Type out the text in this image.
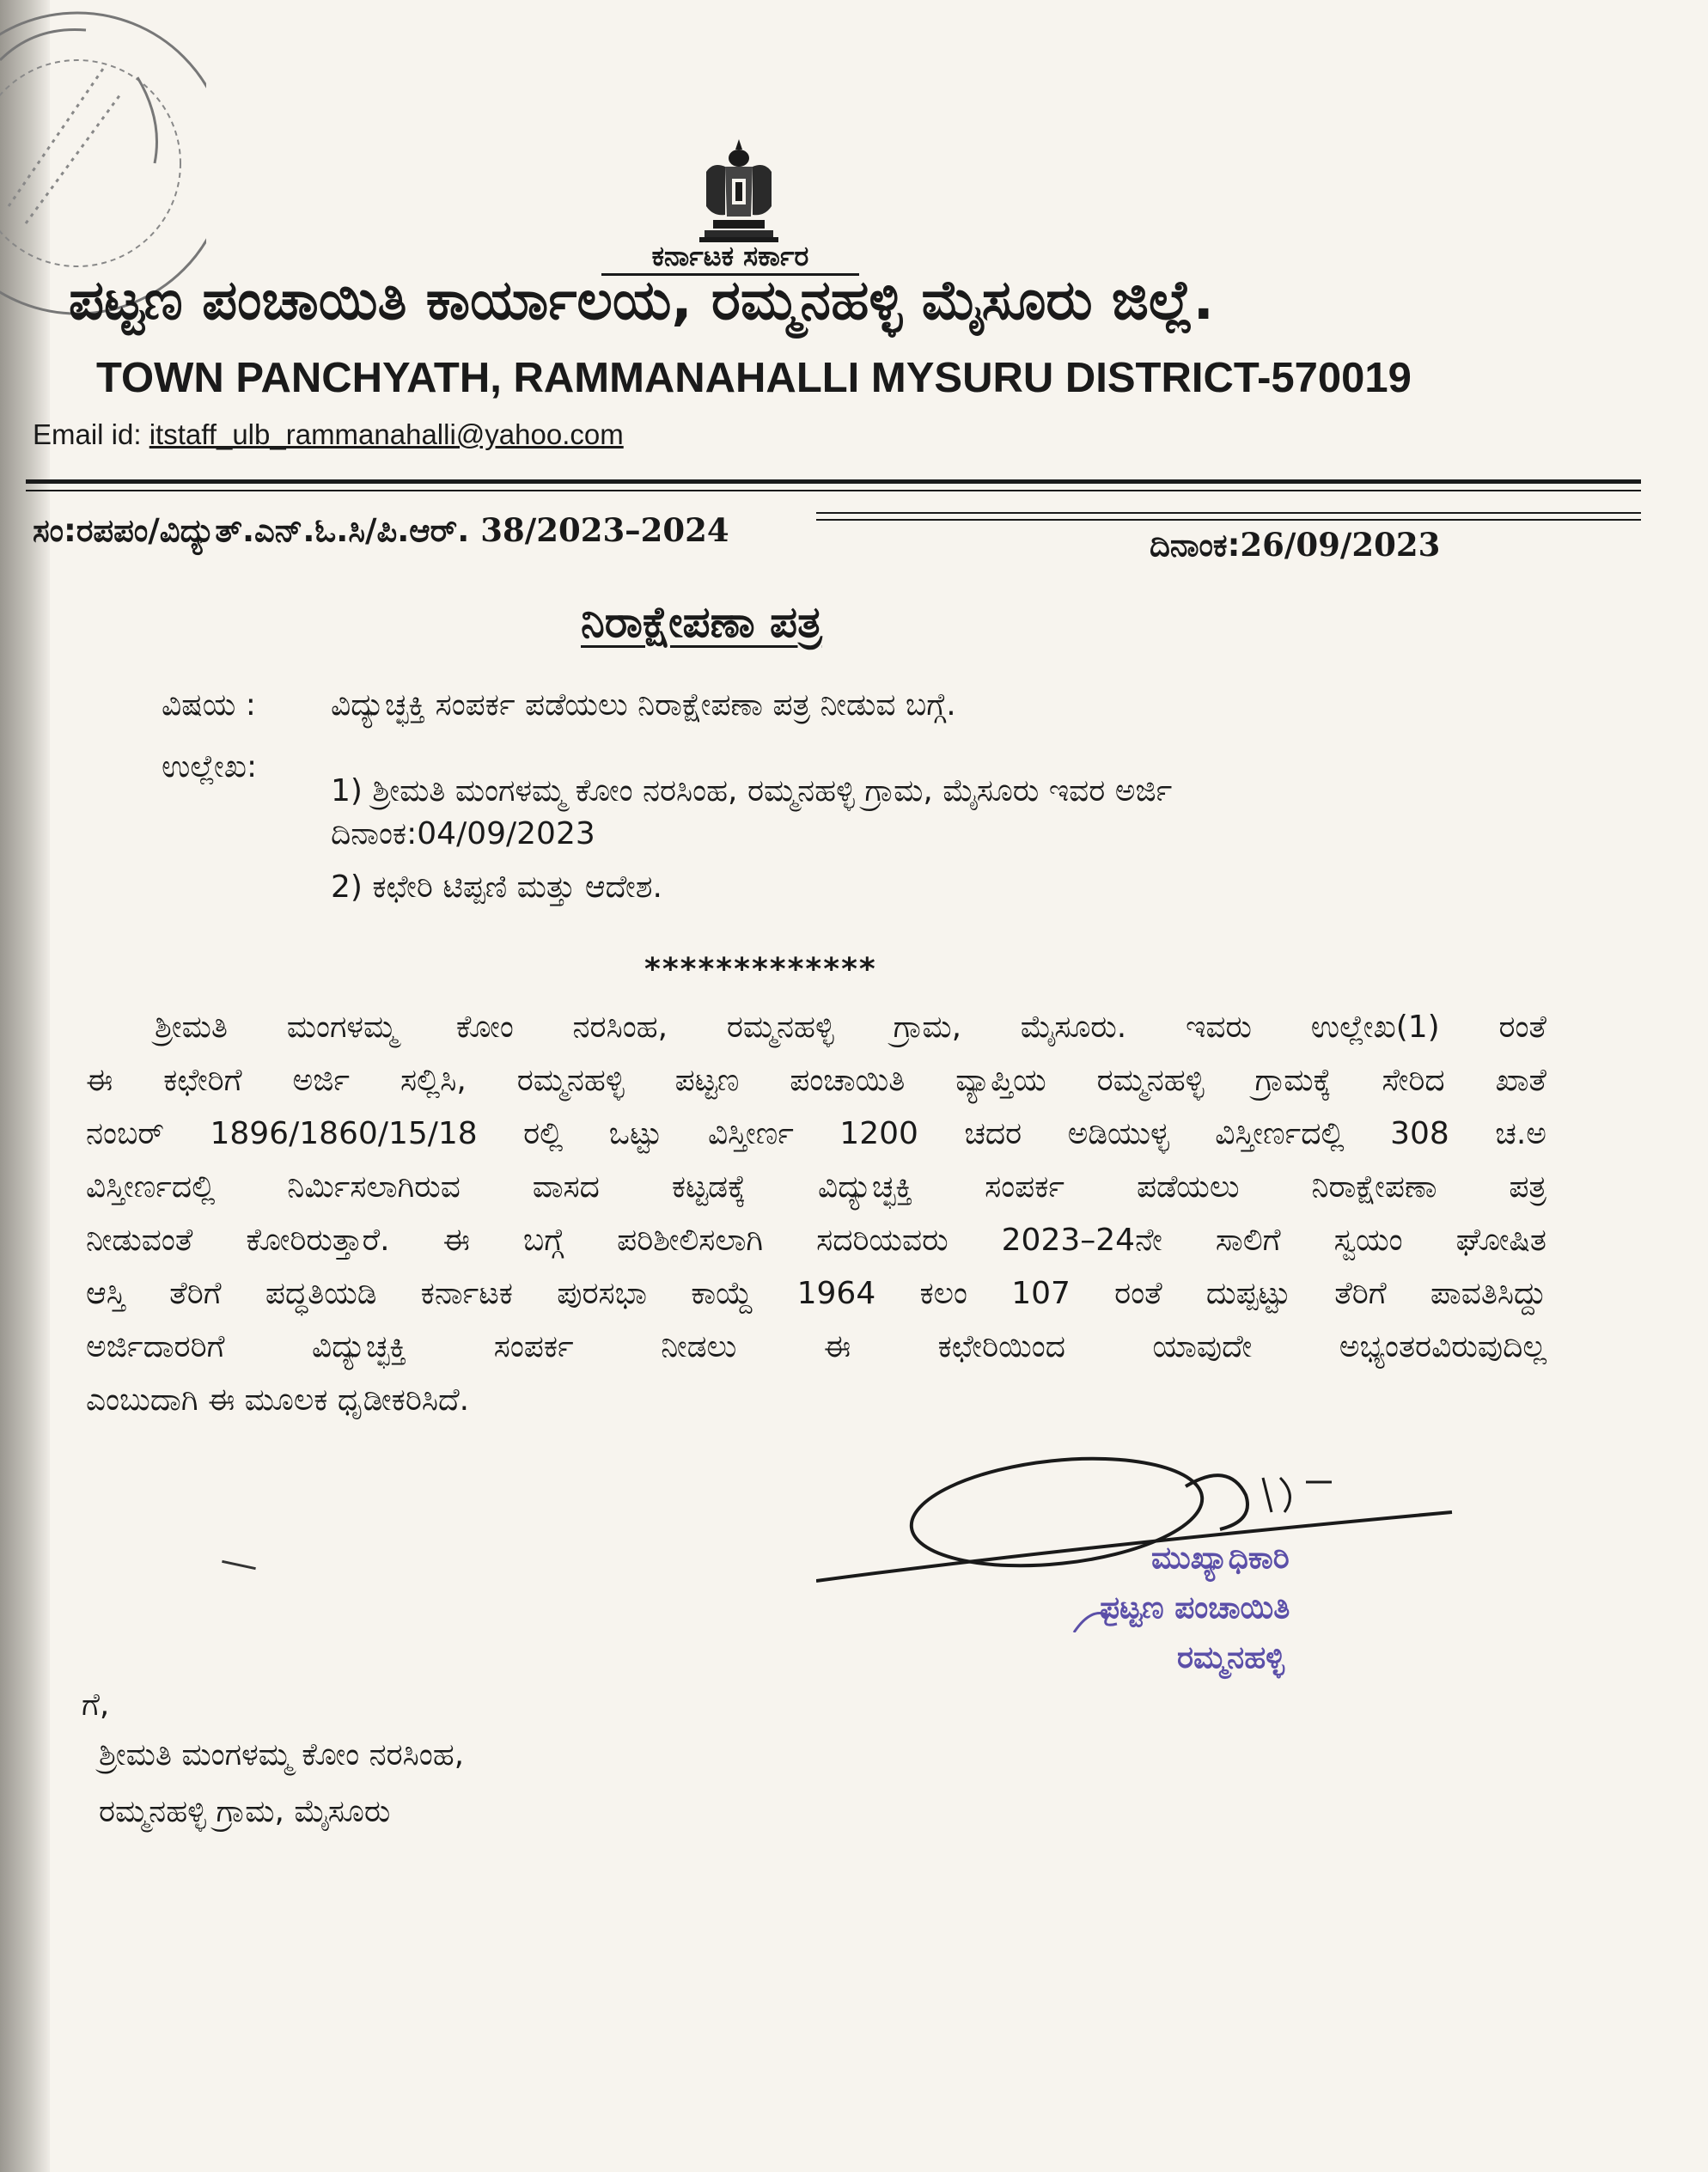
ಕರ್ನಾಟಕ ಸರ್ಕಾರ
ಪಟ್ಟಣ ಪಂಚಾಯಿತಿ ಕಾರ್ಯಾಲಯ, ರಮ್ಮನಹಳ್ಳಿ ಮೈಸೂರು ಜಿಲ್ಲೆ.
TOWN PANCHYATH, RAMMANAHALLI MYSURU DISTRICT-570019
Email id: itstaff_ulb_rammanahalli@yahoo.com
ಸಂ:ರಪಪಂ/ವಿದ್ಯುತ್.ಎನ್.ಓ.ಸಿ/ಪಿ.ಆರ್. 38/2023–2024	ದಿನಾಂಕ:26/09/2023
ನಿರಾಕ್ಷೇಪಣಾ ಪತ್ರ
ವಿಷಯ : ವಿದ್ಯುಚ್ಛಕ್ತಿ ಸಂಪರ್ಕ ಪಡೆಯಲು ನಿರಾಕ್ಷೇಪಣಾ ಪತ್ರ ನೀಡುವ ಬಗ್ಗೆ.
ಉಲ್ಲೇಖ:
1) ಶ್ರೀಮತಿ ಮಂಗಳಮ್ಮ ಕೋಂ ನರಸಿಂಹ, ರಮ್ಮನಹಳ್ಳಿ ಗ್ರಾಮ, ಮೈಸೂರು ಇವರ ಅರ್ಜಿ
ದಿನಾಂಕ:04/09/2023
2) ಕಛೇರಿ ಟಿಪ್ಪಣಿ ಮತ್ತು ಆದೇಶ.
*************
ಶ್ರೀಮತಿ ಮಂಗಳಮ್ಮ ಕೋಂ ನರಸಿಂಹ, ರಮ್ಮನಹಳ್ಳಿ ಗ್ರಾಮ, ಮೈಸೂರು. ಇವರು ಉಲ್ಲೇಖ(1) ರಂತೆ
ಈ ಕಛೇರಿಗೆ ಅರ್ಜಿ ಸಲ್ಲಿಸಿ, ರಮ್ಮನಹಳ್ಳಿ ಪಟ್ಟಣ ಪಂಚಾಯಿತಿ ವ್ಯಾಪ್ತಿಯ ರಮ್ಮನಹಳ್ಳಿ ಗ್ರಾಮಕ್ಕೆ ಸೇರಿದ ಖಾತೆ
ನಂಬರ್ 1896/1860/15/18 ರಲ್ಲಿ ಒಟ್ಟು ವಿಸ್ತೀರ್ಣ 1200 ಚದರ ಅಡಿಯುಳ್ಳ ವಿಸ್ತೀರ್ಣದಲ್ಲಿ 308 ಚ.ಅ
ವಿಸ್ತೀರ್ಣದಲ್ಲಿ ನಿರ್ಮಿಸಲಾಗಿರುವ ವಾಸದ ಕಟ್ಟಡಕ್ಕೆ ವಿದ್ಯುಚ್ಛಕ್ತಿ ಸಂಪರ್ಕ ಪಡೆಯಲು ನಿರಾಕ್ಷೇಪಣಾ ಪತ್ರ
ನೀಡುವಂತೆ ಕೋರಿರುತ್ತಾರೆ. ಈ ಬಗ್ಗೆ ಪರಿಶೀಲಿಸಲಾಗಿ ಸದರಿಯವರು 2023–24ನೇ ಸಾಲಿಗೆ ಸ್ವಯಂ ಘೋಷಿತ
ಆಸ್ತಿ ತೆರಿಗೆ ಪದ್ಧತಿಯಡಿ ಕರ್ನಾಟಕ ಪುರಸಭಾ ಕಾಯ್ದೆ 1964 ಕಲಂ 107 ರಂತೆ ದುಪ್ಪಟ್ಟು ತೆರಿಗೆ ಪಾವತಿಸಿದ್ದು
ಅರ್ಜಿದಾರರಿಗೆ ವಿದ್ಯುಚ್ಛಕ್ತಿ ಸಂಪರ್ಕ ನೀಡಲು ಈ ಕಛೇರಿಯಿಂದ ಯಾವುದೇ ಅಭ್ಯಂತರವಿರುವುದಿಲ್ಲ
ಎಂಬುದಾಗಿ ಈ ಮೂಲಕ ಧೃಡೀಕರಿಸಿದೆ.
ಮುಖ್ಯಾಧಿಕಾರಿ
ಪಟ್ಟಣ ಪಂಚಾಯಿತಿ
ರಮ್ಮನಹಳ್ಳಿ
ಗೆ,
ಶ್ರೀಮತಿ ಮಂಗಳಮ್ಮ ಕೋಂ ನರಸಿಂಹ,
ರಮ್ಮನಹಳ್ಳಿ ಗ್ರಾಮ, ಮೈಸೂರು
